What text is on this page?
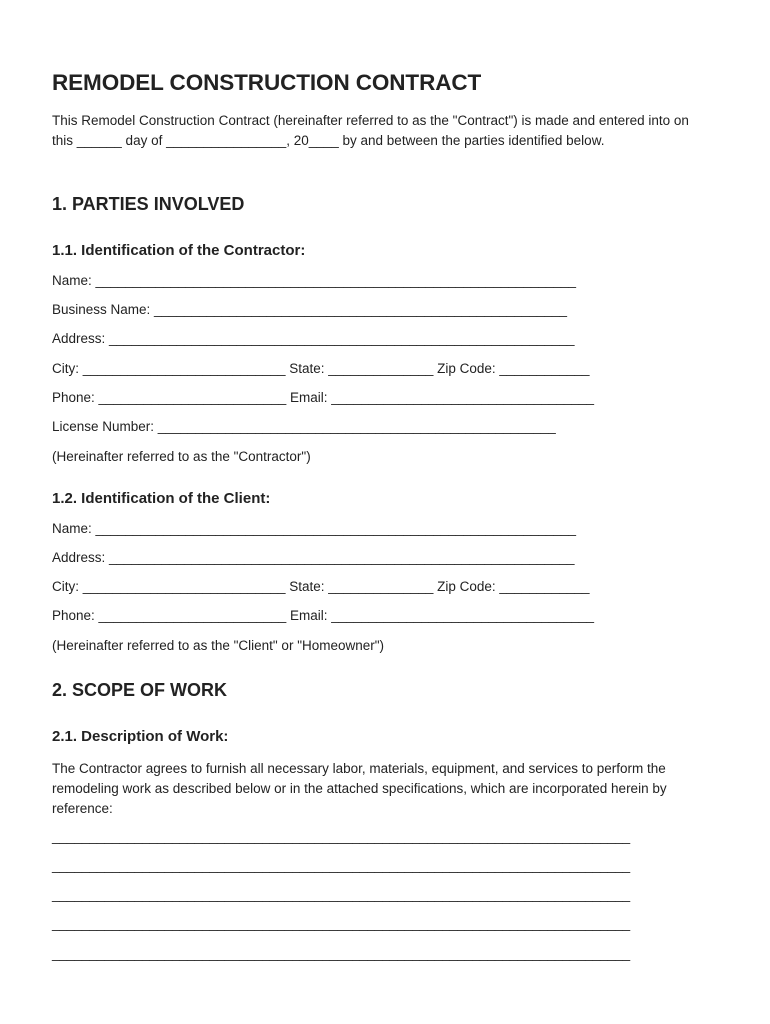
REMODEL CONSTRUCTION CONTRACT

This Remodel Construction Contract (hereinafter referred to as the "Contract") is made and entered into on this ______ day of ________________, 20____ by and between the parties identified below.

1. PARTIES INVOLVED
1.1. Identification of the Contractor:

Name: ________________________________________________________________

Business Name: _______________________________________________________

Address: ______________________________________________________________

City: ___________________________ State: ______________ Zip Code: ____________

Phone: _________________________ Email: ___________________________________

License Number: _____________________________________________________

(Hereinafter referred to as the "Contractor")

1.2. Identification of the Client:

Name: ________________________________________________________________

Address: ______________________________________________________________

City: ___________________________ State: ______________ Zip Code: ____________

Phone: _________________________ Email: ___________________________________

(Hereinafter referred to as the "Client" or "Homeowner")

2. SCOPE OF WORK
2.1. Description of Work:

The Contractor agrees to furnish all necessary labor, materials, equipment, and services to perform the remodeling work as described below or in the attached specifications, which are incorporated herein by reference:

_____________________________________________________________________________

_____________________________________________________________________________

_____________________________________________________________________________

_____________________________________________________________________________

_____________________________________________________________________________
